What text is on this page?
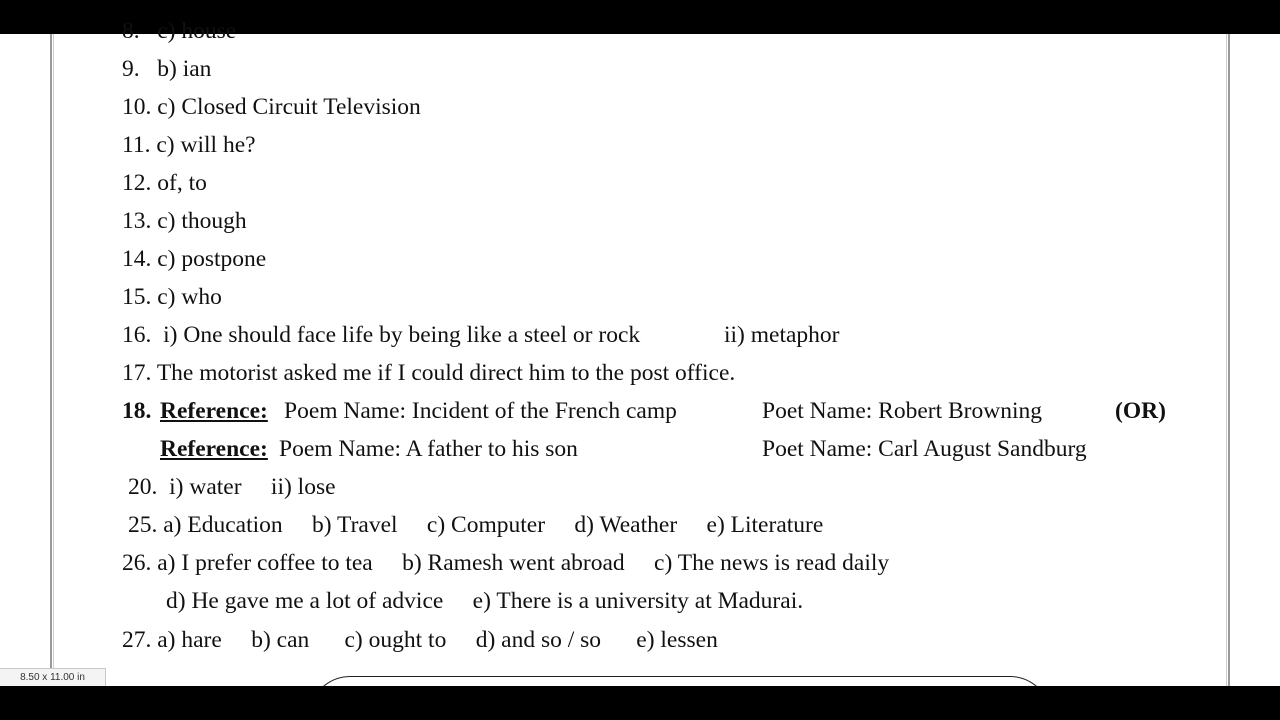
8.   c) house
9.   b) ian
10. c) Closed Circuit Television
11. c) will he?
12. of, to
13. c) though
14. c) postpone
15. c) who
16.  i) One should face life by being like a steel or rock	ii) metaphor
17. The motorist asked me if I could direct him to the post office.
18. Reference: Poem Name: Incident of the French camp	Poet Name: Robert Browning	(OR)
Reference: Poem Name: A father to his son	Poet Name: Carl August Sandburg
20.  i) water     ii) lose
25. a) Education     b) Travel     c) Computer     d) Weather     e) Literature
26. a) I prefer coffee to tea     b) Ramesh went abroad     c) The news is read daily
d) He gave me a lot of advice     e) There is a university at Madurai.
27. a) hare     b) can      c) ought to     d) and so / so      e) lessen
8.50 x 11.00 in
